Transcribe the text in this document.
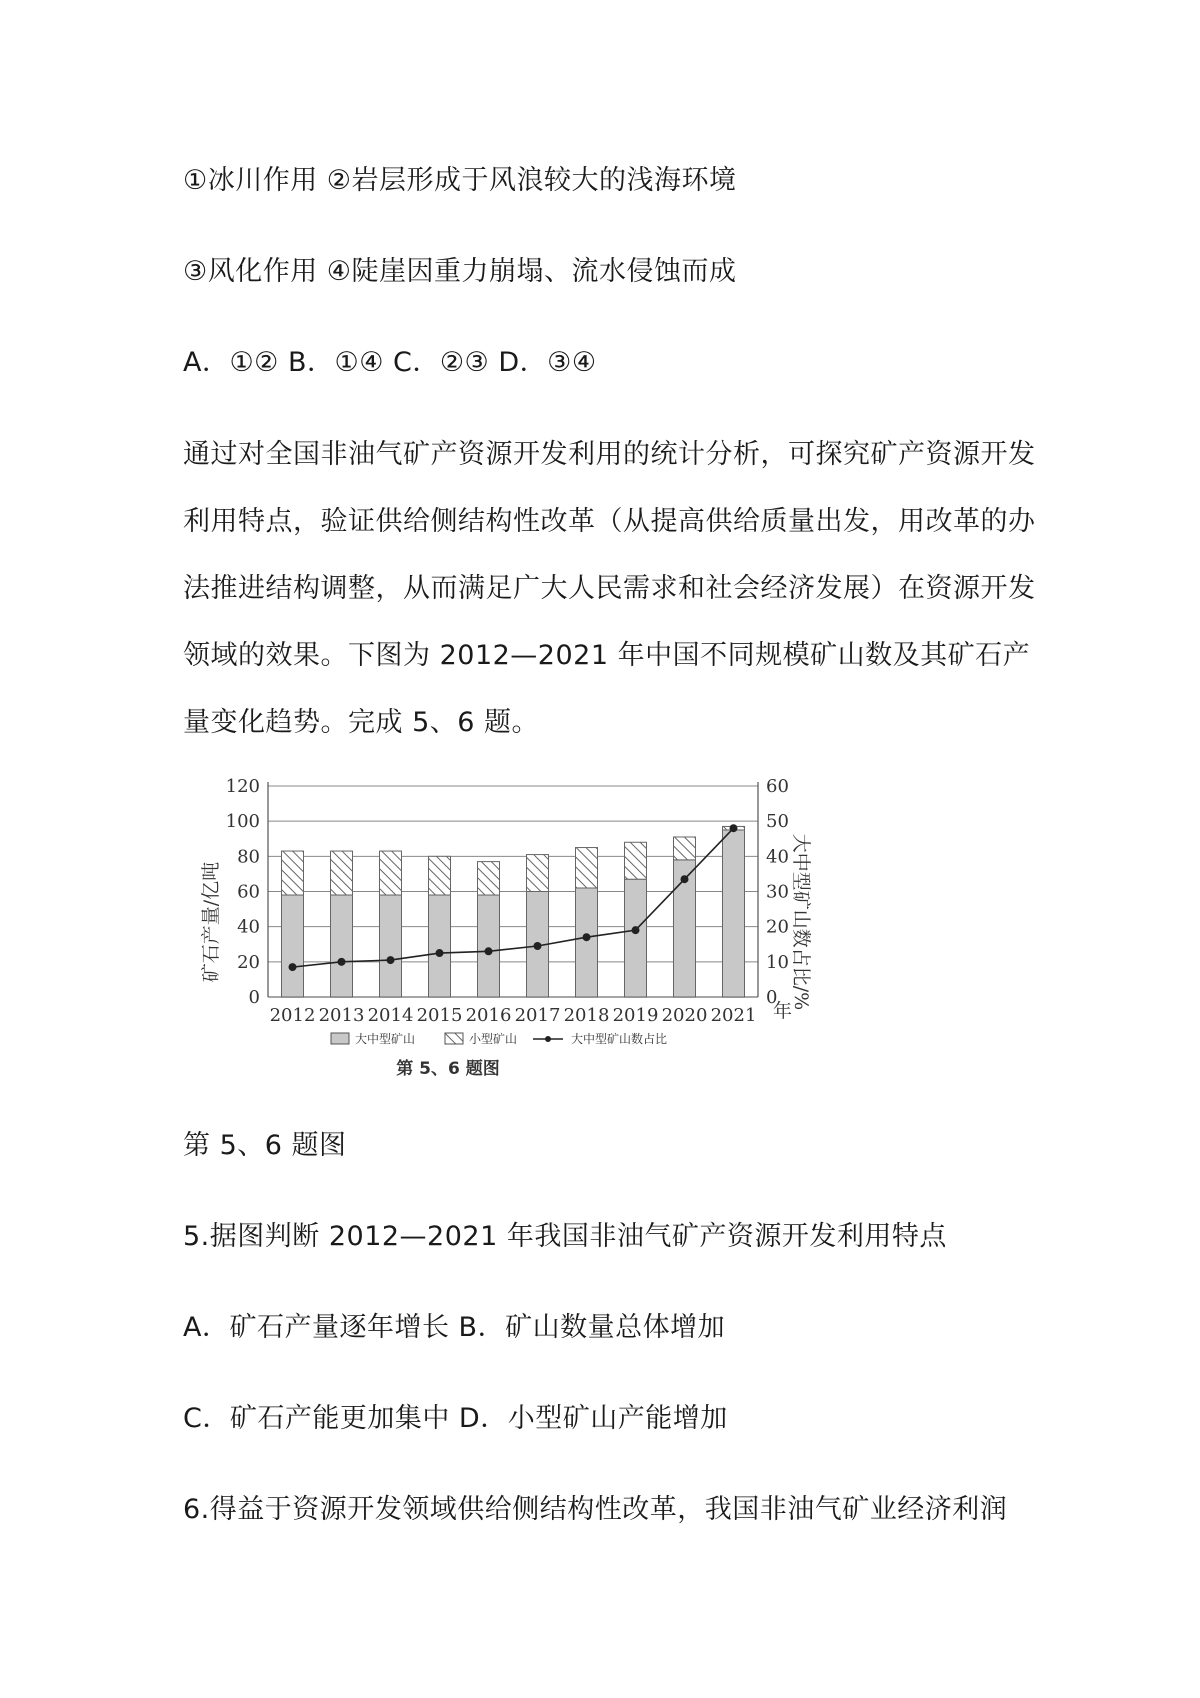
①冰川作用 ②岩层形成于风浪较大的浅海环境
③风化作用 ④陡崖因重力崩塌、流水侵蚀而成
A．①② B．①④ C．②③ D．③④

通过对全国非油气矿产资源开发利用的统计分析，可探究矿产资源开发

利用特点，验证供给侧结构性改革（从提高供给质量出发，用改革的办

法推进结构调整，从而满足广大人民需求和社会经济发展）在资源开发

领域的效果。下图为 2012—2021 年中国不同规模矿山数及其矿石产

量变化趋势。完成 5、6 题。

矿石产量/亿吨	大中型矿山数占比/%
0
20
40
60
80
100
120
0
10
20
30
40
50
60
2012 2013 2014 2015 2016 2017 2018 2019 2020 2021 年
大中型矿山	小型矿山	大中型矿山数占比
第 5、6 题图
第 5、6 题图
5.据图判断 2012—2021 年我国非油气矿产资源开发利用特点
A．矿石产量逐年增长 B．矿山数量总体增加
C．矿石产能更加集中 D．小型矿山产能增加
6.得益于资源开发领域供给侧结构性改革，我国非油气矿业经济利润
